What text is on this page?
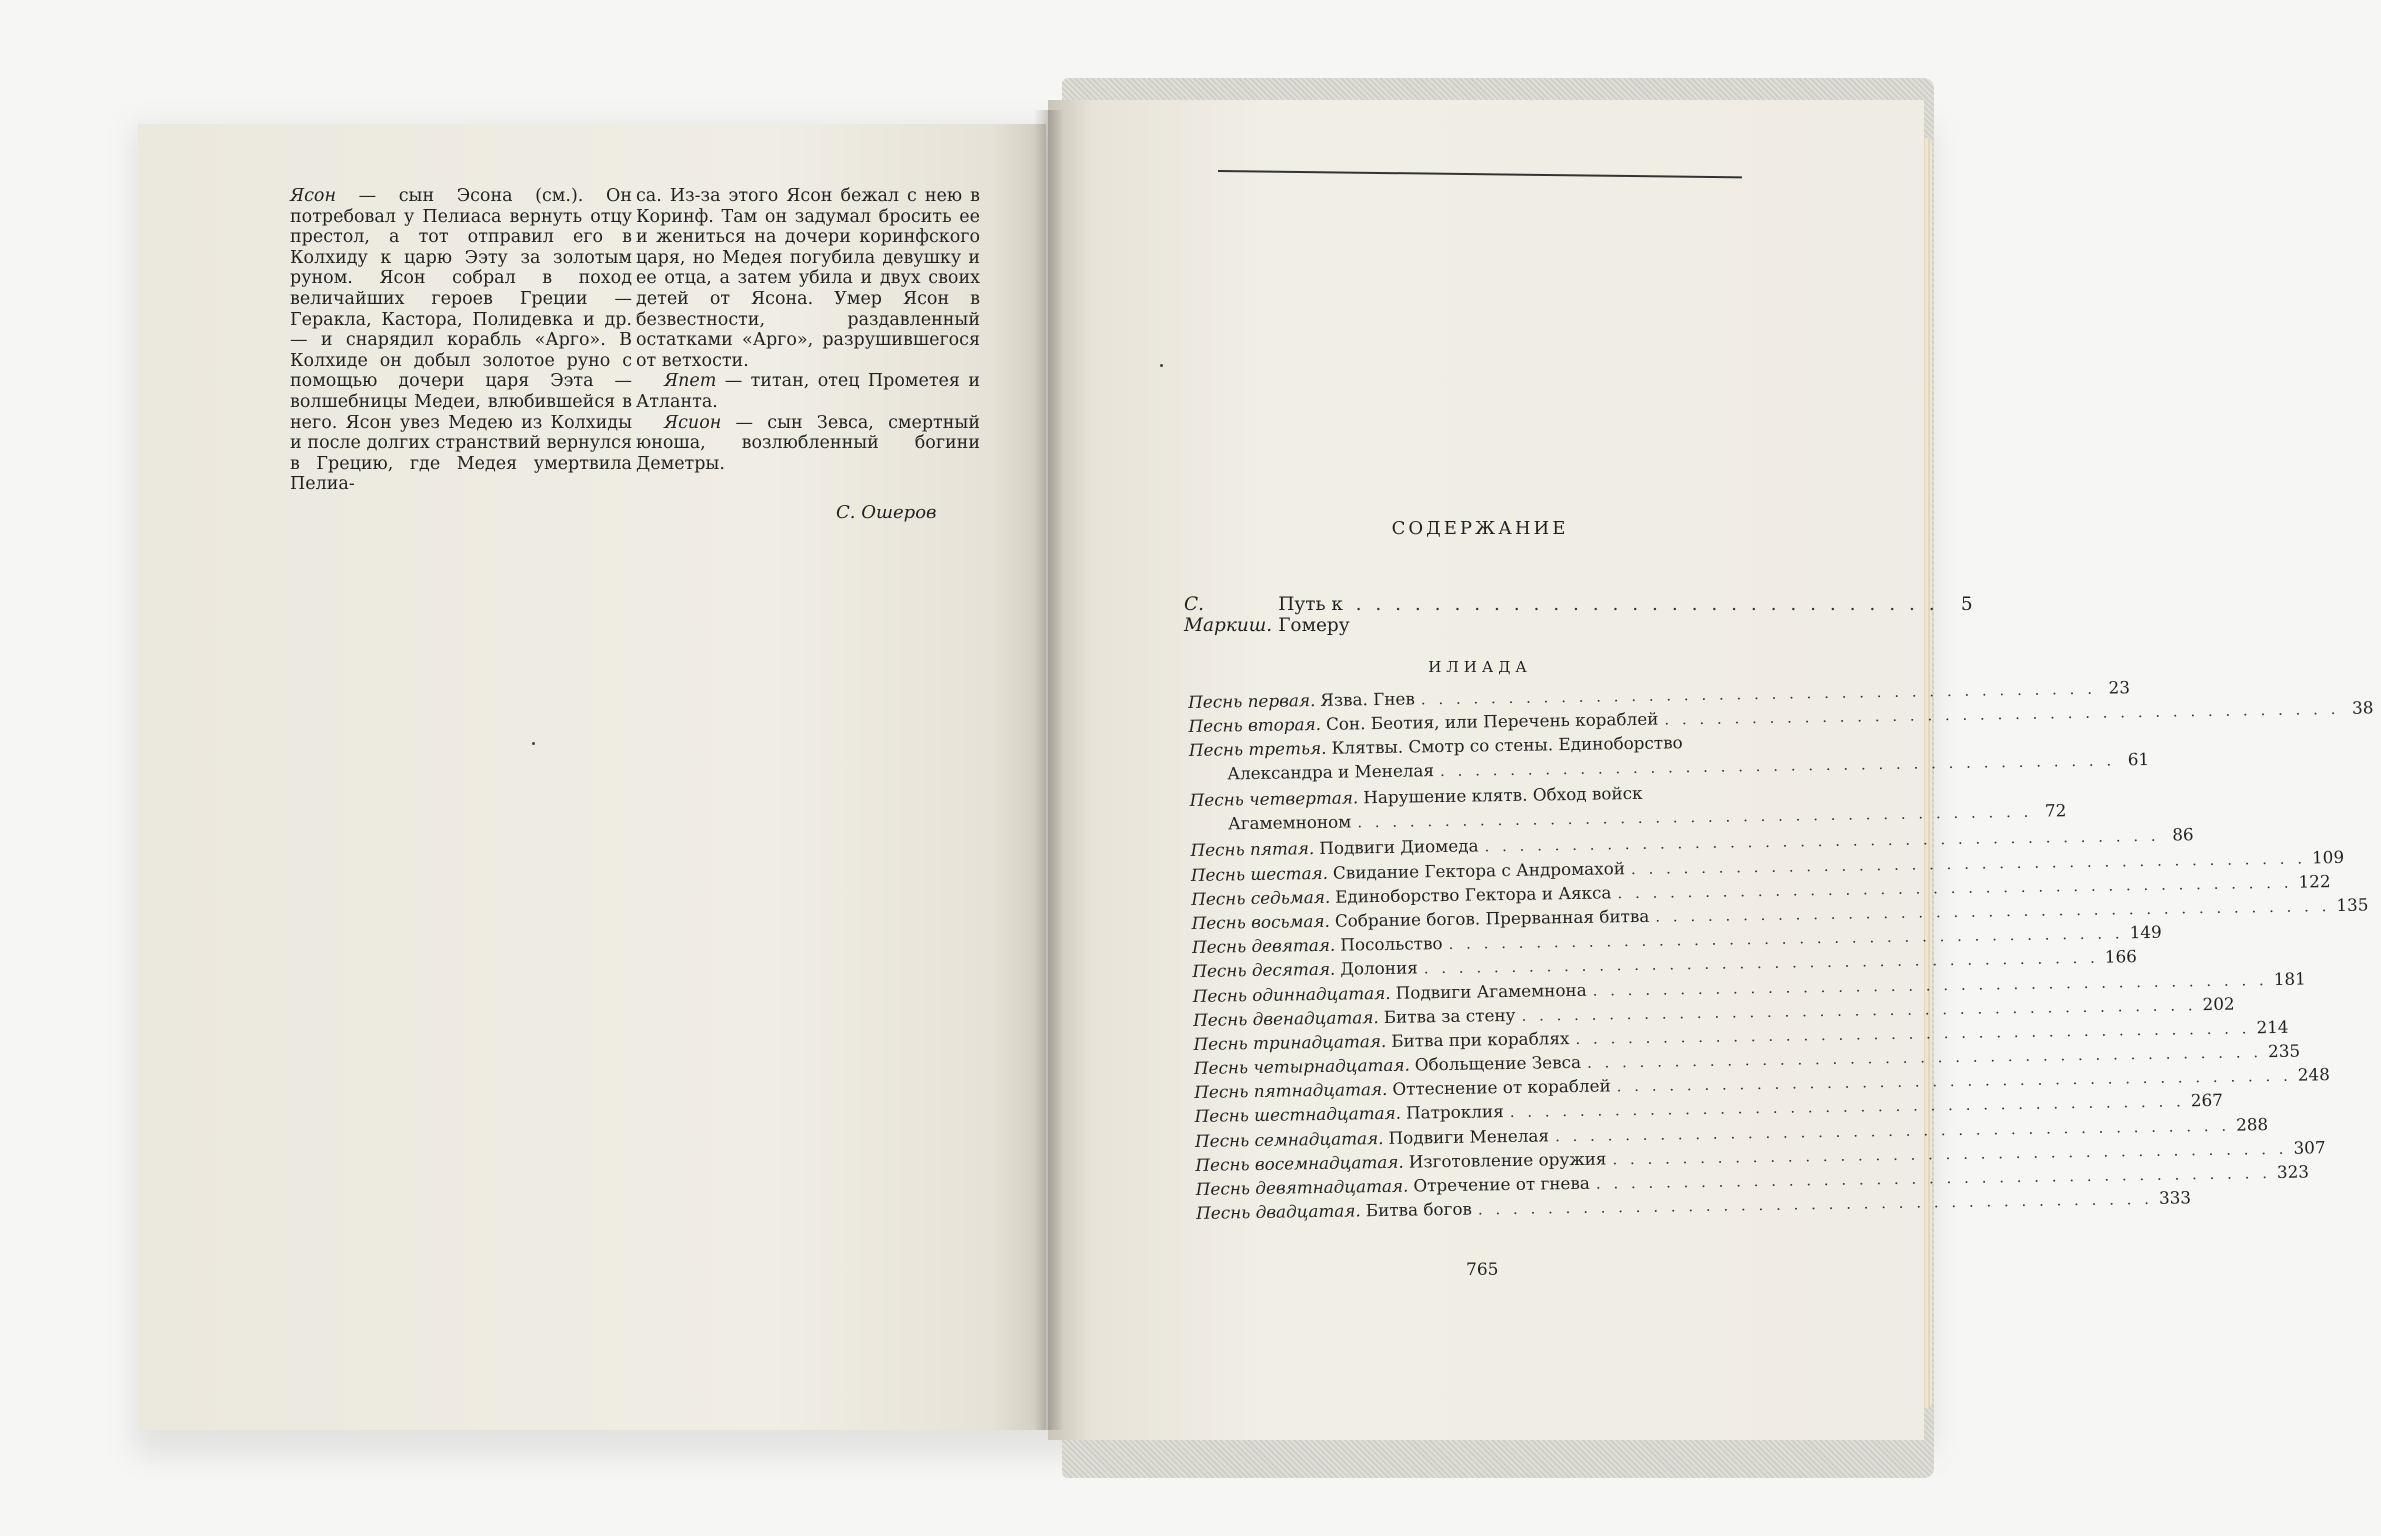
Ясон — сын Эсона (см.). Он потребовал у Пелиаса вернуть отцу престол, а тот отправил его в Колхиду к царю Ээту за золотым руном. Ясон собрал в поход величайших героев Греции — Геракла, Кастора, Полидевка и др.— и снарядил корабль «Арго». В Колхиде он добыл золотое руно с помощью дочери царя Ээта — волшебницы Медеи, влюбившейся в него. Ясон увез Медею из Колхиды и после долгих странствий вернулся в Грецию, где Медея умертвила Пелиа-

са. Из-за этого Ясон бежал с нею в Коринф. Там он задумал бросить ее и жениться на дочери коринфского царя, но Медея погубила девушку и ее отца, а затем убила и двух своих детей от Ясона. Умер Ясон в безвестности, раздавленный остатками «Арго», разрушившегося от ветхости.

Япет — титан, отец Прометея и Атланта.

Ясион — сын Зевса, смертный юноша, возлюбленный богини Деметры.

С. Ошеров
СОДЕРЖАНИЕ
С. Маркиш.
Путь к Гомеру
. . . . . . . . . . . . . . . . . . . . . . . . . . . . . .	5
ИЛИАДА
Песнь первая. Язва. Гнев . . . . . . . . . . . . . . . . . . . . . . . . . . . . . . . . . . . . . . . 23
Песнь вторая. Сон. Беотия, или Перечень кораблей . . . . . . . . . . . . . . . . . . . . . . . . . . . . . . . . . . . . . . . 38
Песнь третья. Клятвы. Смотр со стены. Единоборство
Александра и Менелая . . . . . . . . . . . . . . . . . . . . . . . . . . . . . . . . . . . . . . . 61
Песнь четвертая. Нарушение клятв. Обход войск
Агамемноном . . . . . . . . . . . . . . . . . . . . . . . . . . . . . . . . . . . . . . . 72
Песнь пятая. Подвиги Диомеда . . . . . . . . . . . . . . . . . . . . . . . . . . . . . . . . . . . . . . . 86
Песнь шестая. Свидание Гектора с Андромахой . . . . . . . . . . . . . . . . . . . . . . . . . . . . . . . . . . . . . . . 109
Песнь седьмая. Единоборство Гектора и Аякса . . . . . . . . . . . . . . . . . . . . . . . . . . . . . . . . . . . . . . . 122
Песнь восьмая. Собрание богов. Прерванная битва . . . . . . . . . . . . . . . . . . . . . . . . . . . . . . . . . . . . . . . 135
Песнь девятая. Посольство . . . . . . . . . . . . . . . . . . . . . . . . . . . . . . . . . . . . . . . 149
Песнь десятая. Долония . . . . . . . . . . . . . . . . . . . . . . . . . . . . . . . . . . . . . . . 166
Песнь одиннадцатая. Подвиги Агамемнона . . . . . . . . . . . . . . . . . . . . . . . . . . . . . . . . . . . . . . . 181
Песнь двенадцатая. Битва за стену . . . . . . . . . . . . . . . . . . . . . . . . . . . . . . . . . . . . . . . 202
Песнь тринадцатая. Битва при кораблях . . . . . . . . . . . . . . . . . . . . . . . . . . . . . . . . . . . . . . . 214
Песнь четырнадцатая. Обольщение Зевса . . . . . . . . . . . . . . . . . . . . . . . . . . . . . . . . . . . . . . . 235
Песнь пятнадцатая. Оттеснение от кораблей . . . . . . . . . . . . . . . . . . . . . . . . . . . . . . . . . . . . . . . 248
Песнь шестнадцатая. Патроклия . . . . . . . . . . . . . . . . . . . . . . . . . . . . . . . . . . . . . . . 267
Песнь семнадцатая. Подвиги Менелая . . . . . . . . . . . . . . . . . . . . . . . . . . . . . . . . . . . . . . . 288
Песнь восемнадцатая. Изготовление оружия . . . . . . . . . . . . . . . . . . . . . . . . . . . . . . . . . . . . . . . 307
Песнь девятнадцатая. Отречение от гнева . . . . . . . . . . . . . . . . . . . . . . . . . . . . . . . . . . . . . . . 323
Песнь двадцатая. Битва богов . . . . . . . . . . . . . . . . . . . . . . . . . . . . . . . . . . . . . . . 333
765
